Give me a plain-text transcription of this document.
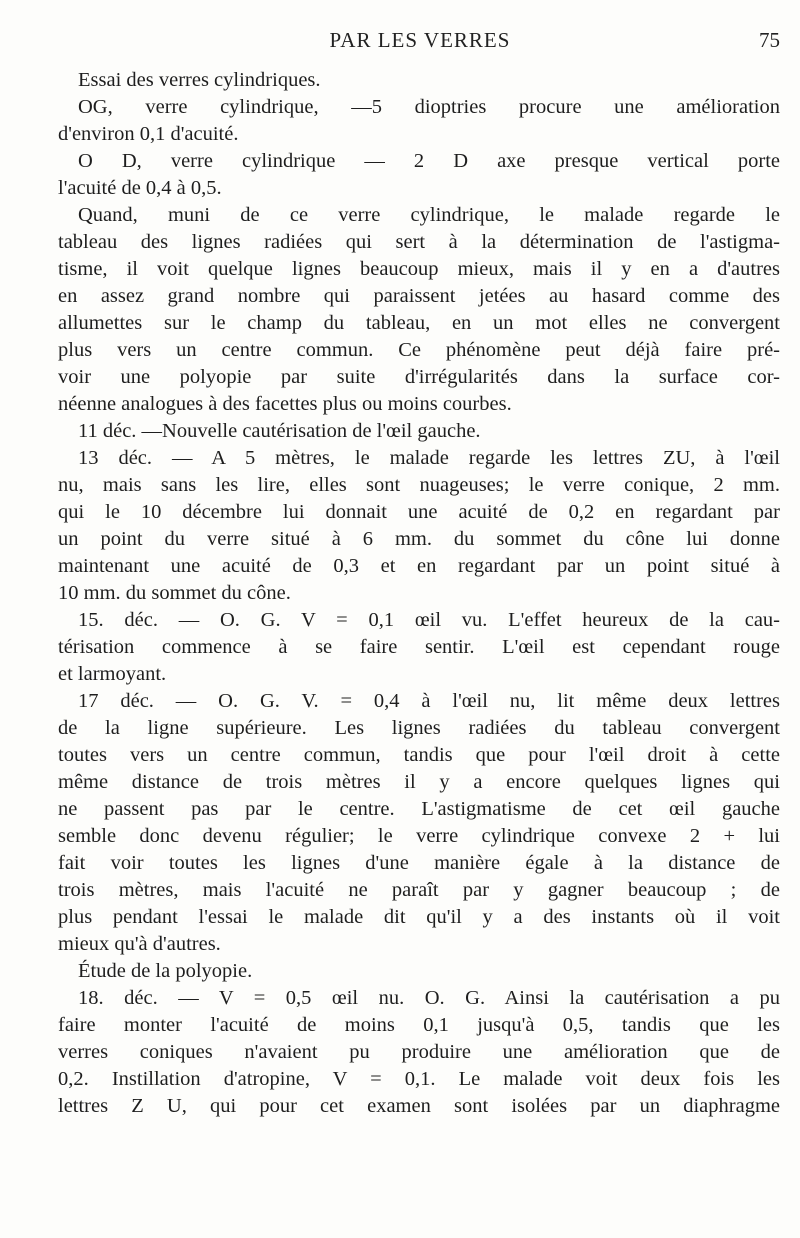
PAR LES VERRES	75
Essai des verres cylindriques.
OG, verre cylindrique, —5 dioptries procure une amélioration
d'environ 0,1 d'acuité.
O D, verre cylindrique — 2 D axe presque vertical porte
l'acuité de 0,4 à 0,5.
Quand, muni de ce verre cylindrique, le malade regarde le
tableau des lignes radiées qui sert à la détermination de l'astigma-
tisme, il voit quelque lignes beaucoup mieux, mais il y en a d'autres
en assez grand nombre qui paraissent jetées au hasard comme des
allumettes sur le champ du tableau, en un mot elles ne convergent
plus vers un centre commun. Ce phénomène peut déjà faire pré-
voir une polyopie par suite d'irrégularités dans la surface cor-
néenne analogues à des facettes plus ou moins courbes.
11 déc. —Nouvelle cautérisation de l'œil gauche.
13 déc. — A 5 mètres, le malade regarde les lettres ZU, à l'œil
nu, mais sans les lire, elles sont nuageuses; le verre conique, 2 mm.
qui le 10 décembre lui donnait une acuité de 0,2 en regardant par
un point du verre situé à 6 mm. du sommet du cône lui donne
maintenant une acuité de 0,3 et en regardant par un point situé à
10 mm. du sommet du cône.
15. déc. — O. G. V = 0,1 œil vu. L'effet heureux de la cau-
térisation commence à se faire sentir. L'œil est cependant rouge
et larmoyant.
17 déc. — O. G. V. = 0,4 à l'œil nu, lit même deux lettres
de la ligne supérieure. Les lignes radiées du tableau convergent
toutes vers un centre commun, tandis que pour l'œil droit à cette
même distance de trois mètres il y a encore quelques lignes qui
ne passent pas par le centre. L'astigmatisme de cet œil gauche
semble donc devenu régulier; le verre cylindrique convexe 2 + lui
fait voir toutes les lignes d'une manière égale à la distance de
trois mètres, mais l'acuité ne paraît par y gagner beaucoup ; de
plus pendant l'essai le malade dit qu'il y a des instants où il voit
mieux qu'à d'autres.
Étude de la polyopie.
18. déc. — V = 0,5 œil nu. O. G. Ainsi la cautérisation a pu
faire monter l'acuité de moins 0,1 jusqu'à 0,5, tandis que les
verres coniques n'avaient pu produire une amélioration que de
0,2. Instillation d'atropine, V = 0,1. Le malade voit deux fois les
lettres Z U, qui pour cet examen sont isolées par un diaphragme
